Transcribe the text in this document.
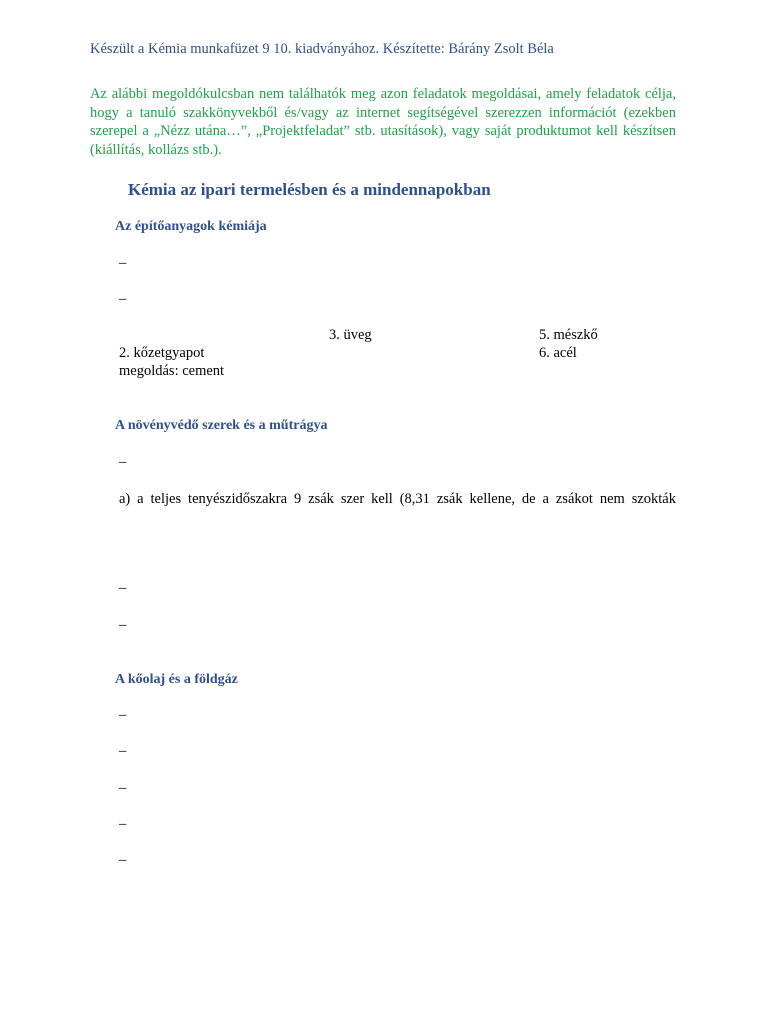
Készült a Kémia munkafüzet 9 10. kiadványához. Készítette: Bárány Zsolt Béla
Az alábbi megoldókulcsban nem találhatók meg azon feladatok megoldásai, amely feladatok célja, hogy a tanuló szakkönyvekből és/vagy az internet segítségével szerezzen információt (ezekben szerepel a „Nézz utána…”, „Projektfeladat” stb. utasítások), vagy saját produktumot kell készítsen (kiállítás, kollázs stb.).
Kémia az ipari termelésben és a mindennapokban
Az építőanyagok kémiája
–
–
3. üveg	5. mészkő
2. kőzetgyapot	6. acél
megoldás: cement
A növényvédő szerek és a műtrágya
–
a) a teljes tenyészidőszakra 9 zsák szer kell (8,31 zsák kellene, de a zsákot nem szokták
–
–
A kőolaj és a földgáz
–
–
–
–
–
